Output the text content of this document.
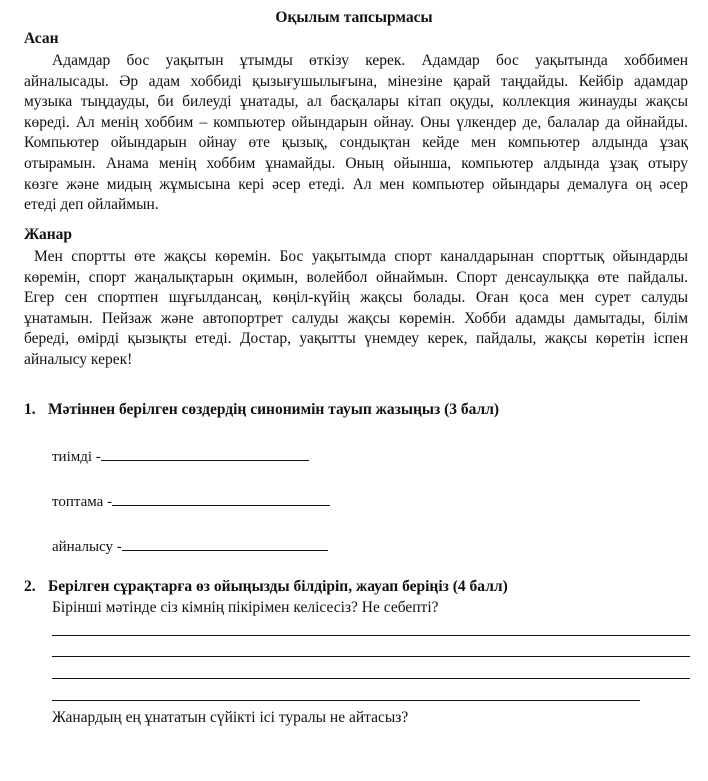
Оқылым тапсырмасы
Асан
Адамдар бос уақытын ұтымды өткізу керек. Адамдар бос уақытында хоббимен
айналысады. Әр адам хоббиді қызығушылығына, мінезіне қарай таңдайды. Кейбір адамдар
музыка тыңдауды, би билеуді ұнатады, ал басқалары кітап оқуды, коллекция жинауды жақсы
көреді. Ал менің хоббим – компьютер ойындарын ойнау. Оны үлкендер де, балалар да ойнайды.
Компьютер ойындарын ойнау өте қызық, сондықтан кейде мен компьютер алдында ұзақ
отырамын. Анама менің хоббим ұнамайды. Оның ойынша, компьютер алдында ұзақ отыру
көзге және мидың жұмысына кері әсер етеді. Ал мен компьютер ойындары демалуға оң әсер
етеді деп ойлаймын.
Жанар
Мен спортты өте жақсы көремін. Бос уақытымда спорт каналдарынан спорттық ойындарды
көремін, спорт жаңалықтарын оқимын, волейбол ойнаймын. Спорт денсаулыққа өте пайдалы.
Егер сен спортпен шұғылдансаң, көңіл-күйің жақсы болады. Оған қоса мен сурет салуды
ұнатамын. Пейзаж және автопортрет салуды жақсы көремін. Хобби адамды дамытады, білім
береді, өмірді қызықты етеді. Достар, уақытты үнемдеу керек, пайдалы, жақсы көретін іспен
айналысу керек!
1. Мәтіннен берілген сөздердің синонимін тауып жазыңыз (3 балл)
тиімді -
топтама -
айналысу -
2. Берілген сұрақтарға өз ойыңызды білдіріп, жауап беріңіз (4 балл)
Бірінші мәтінде сіз кімнің пікірімен келісесіз? Не себепті?
Жанардың ең ұнататын сүйікті ісі туралы не айтасыз?
